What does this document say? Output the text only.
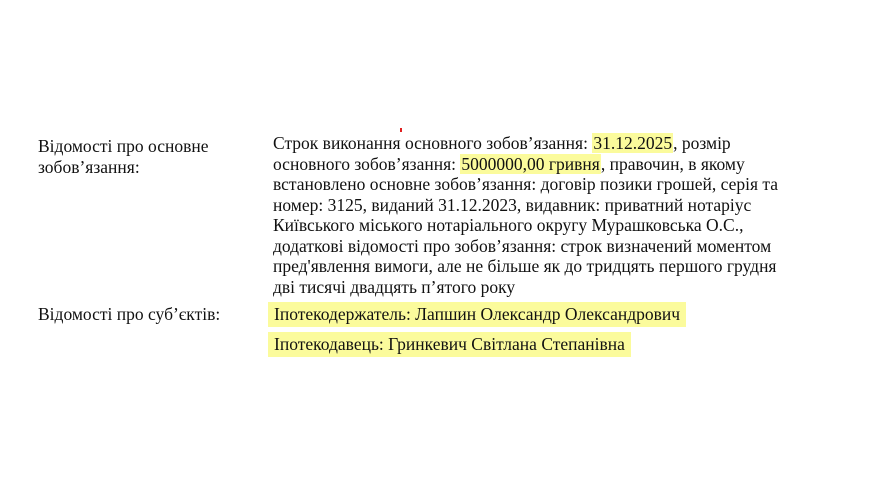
Відомості про основне
зобов’язання:
Строк виконання основного зобов’язання: 31.12.2025, розмір
основного зобов’язання: 5000000,00 гривня, правочин, в якому
встановлено основне зобов’язання: договір позики грошей, серія та
номер: 3125, виданий 31.12.2023, видавник: приватний нотаріус
Київського міського нотаріального округу Мурашковська О.С.,
додаткові відомості про зобов’язання: строк визначений моментом
пред'явлення вимоги, але не більше як до тридцять першого грудня
дві тисячі двадцять п’ятого року
Відомості про суб’єктів:	Іпотекодержатель: Лапшин Олександр Олександрович
Іпотекодавець: Гринкевич Світлана Степанівна
